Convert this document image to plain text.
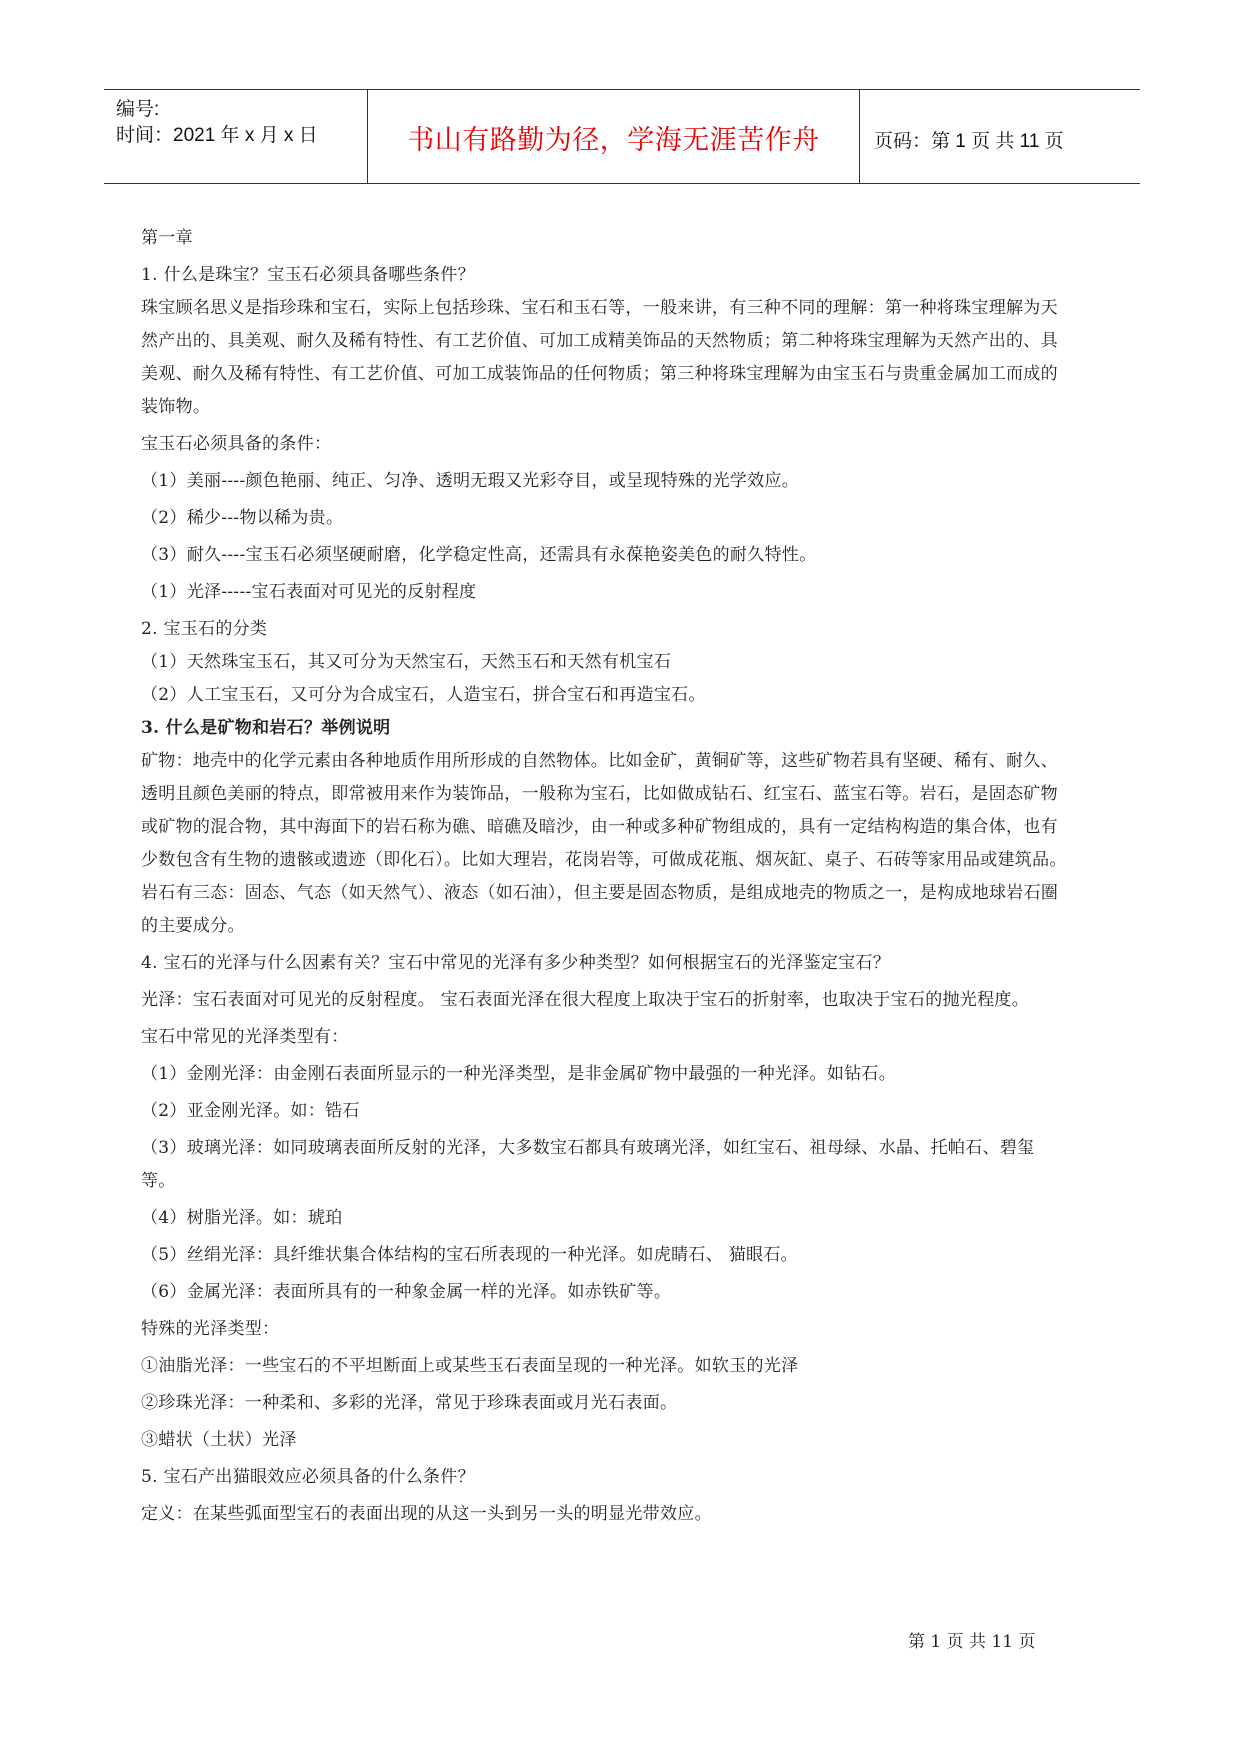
编号:
时间：2021 年 x 月 x 日	书山有路勤为径，学海无涯苦作舟	页码：第 1 页 共 11 页

第一章

1. 什么是珠宝？宝玉石必须具备哪些条件？

珠宝顾名思义是指珍珠和宝石，实际上包括珍珠、宝石和玉石等，一般来讲，有三种不同的理解：第一种将珠宝理解为天然产出的、具美观、耐久及稀有特性、有工艺价值、可加工成精美饰品的天然物质；第二种将珠宝理解为天然产出的、具美观、耐久及稀有特性、有工艺价值、可加工成装饰品的任何物质；第三种将珠宝理解为由宝玉石与贵重金属加工而成的装饰物。

宝玉石必须具备的条件：

（1）美丽----颜色艳丽、纯正、匀净、透明无瑕又光彩夺目，或呈现特殊的光学效应。

（2）稀少---物以稀为贵。

（3）耐久----宝玉石必须坚硬耐磨，化学稳定性高，还需具有永葆艳姿美色的耐久特性。

（1）光泽-----宝石表面对可见光的反射程度

2. 宝玉石的分类

（1）天然珠宝玉石，其又可分为天然宝石，天然玉石和天然有机宝石

（2）人工宝玉石，又可分为合成宝石，人造宝石，拼合宝石和再造宝石。

3. 什么是矿物和岩石？举例说明

矿物：地壳中的化学元素由各种地质作用所形成的自然物体。比如金矿，黄铜矿等，这些矿物若具有坚硬、稀有、耐久、透明且颜色美丽的特点，即常被用来作为装饰品，一般称为宝石，比如做成钻石、红宝石、蓝宝石等。岩石，是固态矿物或矿物的混合物，其中海面下的岩石称为礁、暗礁及暗沙，由一种或多种矿物组成的，具有一定结构构造的集合体，也有少数包含有生物的遗骸或遗迹（即化石）。比如大理岩，花岗岩等，可做成花瓶、烟灰缸、桌子、石砖等家用品或建筑品。 岩石有三态：固态、气态（如天然气）、液态（如石油），但主要是固态物质，是组成地壳的物质之一，是构成地球岩石圈的主要成分。

4. 宝石的光泽与什么因素有关？宝石中常见的光泽有多少种类型？如何根据宝石的光泽鉴定宝石？

光泽：宝石表面对可见光的反射程度。 宝石表面光泽在很大程度上取决于宝石的折射率，也取决于宝石的抛光程度。

宝石中常见的光泽类型有：

（1）金刚光泽：由金刚石表面所显示的一种光泽类型，是非金属矿物中最强的一种光泽。如钻石。

（2）亚金刚光泽。如：锆石

（3）玻璃光泽：如同玻璃表面所反射的光泽，大多数宝石都具有玻璃光泽，如红宝石、祖母绿、水晶、托帕石、碧玺等。

（4）树脂光泽。如：琥珀

（5）丝绢光泽：具纤维状集合体结构的宝石所表现的一种光泽。如虎睛石、 猫眼石。

（6）金属光泽：表面所具有的一种象金属一样的光泽。如赤铁矿等。

特殊的光泽类型：

①油脂光泽：一些宝石的不平坦断面上或某些玉石表面呈现的一种光泽。如软玉的光泽

②珍珠光泽：一种柔和、多彩的光泽，常见于珍珠表面或月光石表面。

③蜡状（土状）光泽

5. 宝石产出猫眼效应必须具备的什么条件？

定义：在某些弧面型宝石的表面出现的从这一头到另一头的明显光带效应。

第 1 页 共 11 页
